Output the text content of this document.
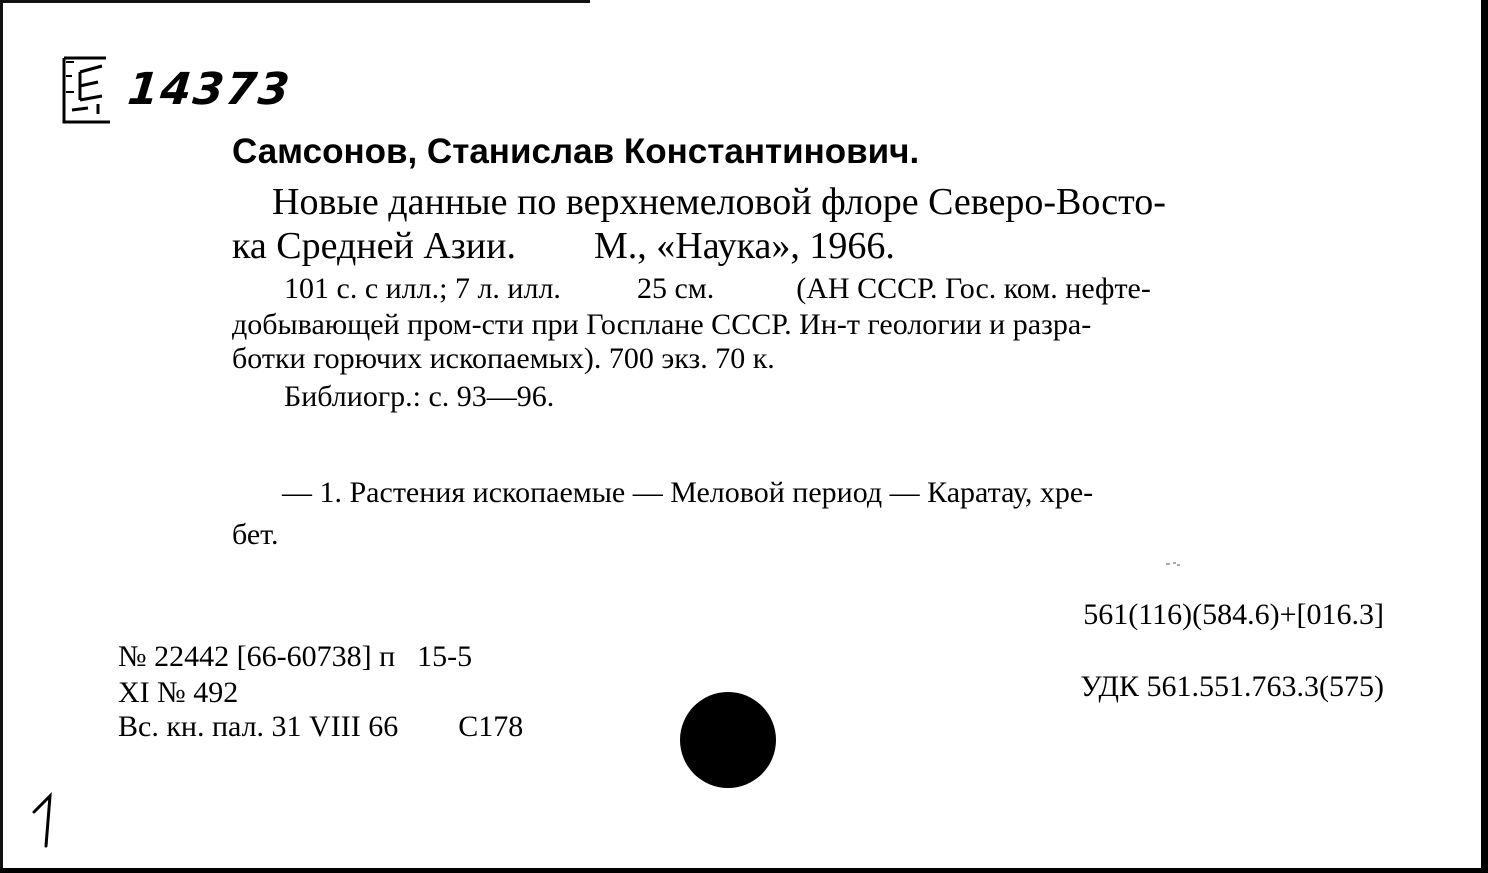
14373
Самсонов, Станислав Константинович.
Новые данные по верхнемеловой флоре Северо-Восто-
ка Средней Азии. М., «Наука», 1966.
101 с. с илл.; 7 л. илл.	25 см.	(АН СССР. Гос. ком. нефте-
добывающей пром-сти при Госплане СССР. Ин-т геологии и разра-
ботки горючих ископаемых). 700 экз. 70 к.
Библиогр.: с. 93—96.
— 1. Растения ископаемые — Меловой период — Каратау, хре-
бет.
561(116)(584.6)+[016.3]
УДК 561.551.763.3(575)
№ 22442 [66-60738] п 15-5
XI № 492
Вс. кн. пал. 31 VIII 66 С178
